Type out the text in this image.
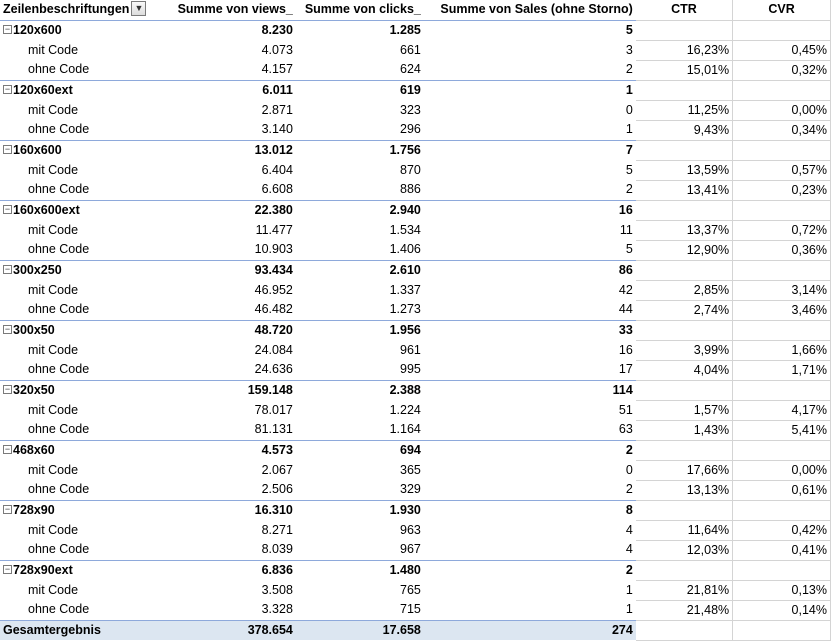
Zeilenbeschriftungen ▼	Summe von views_	Summe von clicks_	Summe von Sales (ohne Storno)	CTR	CVR
− 120x600	8.230	1.285	5		
mit Code	4.073	661	3	16,23%	0,45%
ohne Code	4.157	624	2	15,01%	0,32%
− 120x60ext	6.011	619	1		
mit Code	2.871	323	0	11,25%	0,00%
ohne Code	3.140	296	1	9,43%	0,34%
− 160x600	13.012	1.756	7		
mit Code	6.404	870	5	13,59%	0,57%
ohne Code	6.608	886	2	13,41%	0,23%
− 160x600ext	22.380	2.940	16		
mit Code	11.477	1.534	11	13,37%	0,72%
ohne Code	10.903	1.406	5	12,90%	0,36%
− 300x250	93.434	2.610	86		
mit Code	46.952	1.337	42	2,85%	3,14%
ohne Code	46.482	1.273	44	2,74%	3,46%
− 300x50	48.720	1.956	33		
mit Code	24.084	961	16	3,99%	1,66%
ohne Code	24.636	995	17	4,04%	1,71%
− 320x50	159.148	2.388	114		
mit Code	78.017	1.224	51	1,57%	4,17%
ohne Code	81.131	1.164	63	1,43%	5,41%
− 468x60	4.573	694	2		
mit Code	2.067	365	0	17,66%	0,00%
ohne Code	2.506	329	2	13,13%	0,61%
− 728x90	16.310	1.930	8		
mit Code	8.271	963	4	11,64%	0,42%
ohne Code	8.039	967	4	12,03%	0,41%
− 728x90ext	6.836	1.480	2		
mit Code	3.508	765	1	21,81%	0,13%
ohne Code	3.328	715	1	21,48%	0,14%
Gesamtergebnis	378.654	17.658	274		
